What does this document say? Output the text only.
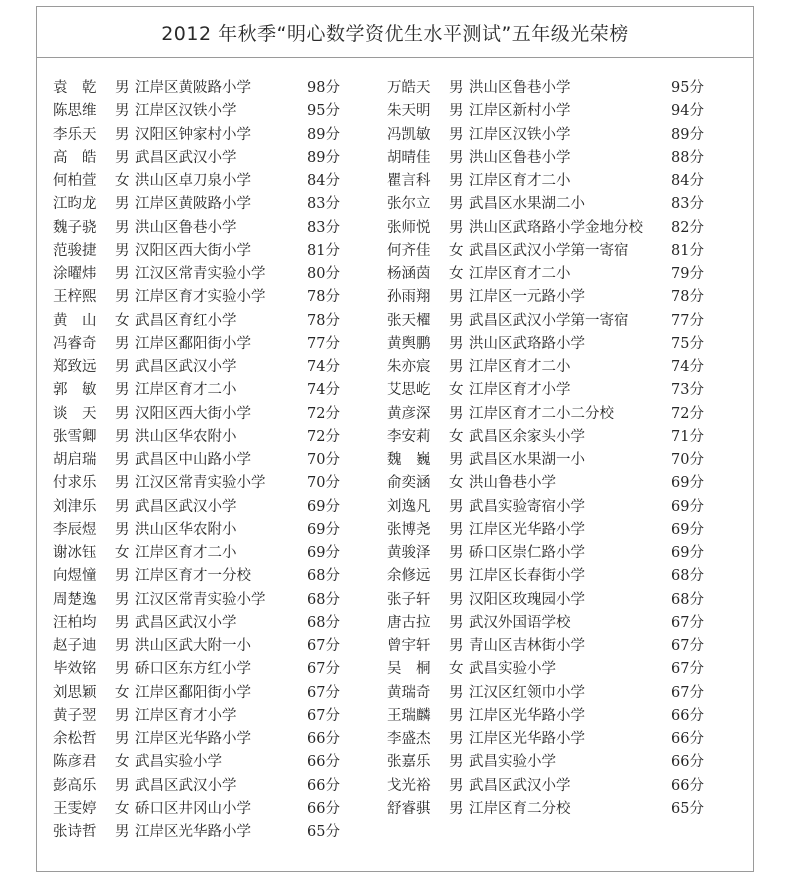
2012 年秋季“明心数学资优生水平测试”五年级光荣榜
袁　乾 男 江岸区黄陂路小学	98分
陈思维 男 江岸区汉铁小学	95分
李乐天 男 汉阳区钟家村小学	89分
高　皓 男 武昌区武汉小学	89分
何柏萱 女 洪山区卓刀泉小学	84分
江昀龙 男 江岸区黄陂路小学	83分
魏子骁 男 洪山区鲁巷小学	83分
范骏捷 男 汉阳区西大街小学	81分
涂曜炜 男 江汉区常青实验小学	80分
王梓熙 男 江岸区育才实验小学	78分
黄　山 女 武昌区育红小学	78分
冯睿奇 男 江岸区鄱阳街小学	77分
郑致远 男 武昌区武汉小学	74分
郭　敏 男 江岸区育才二小	74分
谈　天 男 汉阳区西大街小学	72分
张雪卿 男 洪山区华农附小	72分
胡启瑞 男 武昌区中山路小学	70分
付求乐 男 江汉区常青实验小学	70分
刘津乐 男 武昌区武汉小学	69分
李辰煜 男 洪山区华农附小	69分
谢冰钰 女 江岸区育才二小	69分
向煜憧 男 江岸区育才一分校	68分
周楚逸 男 江汉区常青实验小学	68分
汪柏均 男 武昌区武汉小学	68分
赵子迪 男 洪山区武大附一小	67分
毕效铭 男 硚口区东方红小学	67分
刘思颖 女 江岸区鄱阳街小学	67分
黄子翌 男 江岸区育才小学	67分
余松哲 男 江岸区光华路小学	66分
陈彦君 女 武昌实验小学	66分
彭高乐 男 武昌区武汉小学	66分
王雯婷 女 硚口区井冈山小学	66分
张诗哲 男 江岸区光华路小学	65分
万皓天 男 洪山区鲁巷小学	95分
朱天明 男 江岸区新村小学	94分
冯凯敏 男 江岸区汉铁小学	89分
胡晴佳 男 洪山区鲁巷小学	88分
瞿言科 男 江岸区育才二小	84分
张尔立 男 武昌区水果湖二小	83分
张师悦 男 洪山区武珞路小学金地分校 82分
何齐佳 女 武昌区武汉小学第一寄宿	81分
杨涵茵 女 江岸区育才二小	79分
孙雨翔 男 江岸区一元路小学	78分
张天櫂 男 武昌区武汉小学第一寄宿	77分
黄舆鹏 男 洪山区武珞路小学	75分
朱亦宸 男 江岸区育才二小	74分
艾思屹 女 江岸区育才小学	73分
黄彦深 男 江岸区育才二小二分校	72分
李安莉 女 武昌区余家头小学	71分
魏　巍 男 武昌区水果湖一小	70分
俞奕涵 女 洪山鲁巷小学	69分
刘逸凡 男 武昌实验寄宿小学	69分
张博尧 男 江岸区光华路小学	69分
黄骏泽 男 硚口区崇仁路小学	69分
余修远 男 江岸区长春街小学	68分
张子轩 男 汉阳区玫瑰园小学	68分
唐古拉 男 武汉外国语学校	67分
曾宇轩 男 青山区吉林街小学	67分
吴　桐 女 武昌实验小学	67分
黄瑞奇 男 江汉区红领巾小学	67分
王瑞麟 男 江岸区光华路小学	66分
李盛杰 男 江岸区光华路小学	66分
张嘉乐 男 武昌实验小学	66分
戈光裕 男 武昌区武汉小学	66分
舒睿骐 男 江岸区育二分校	65分
